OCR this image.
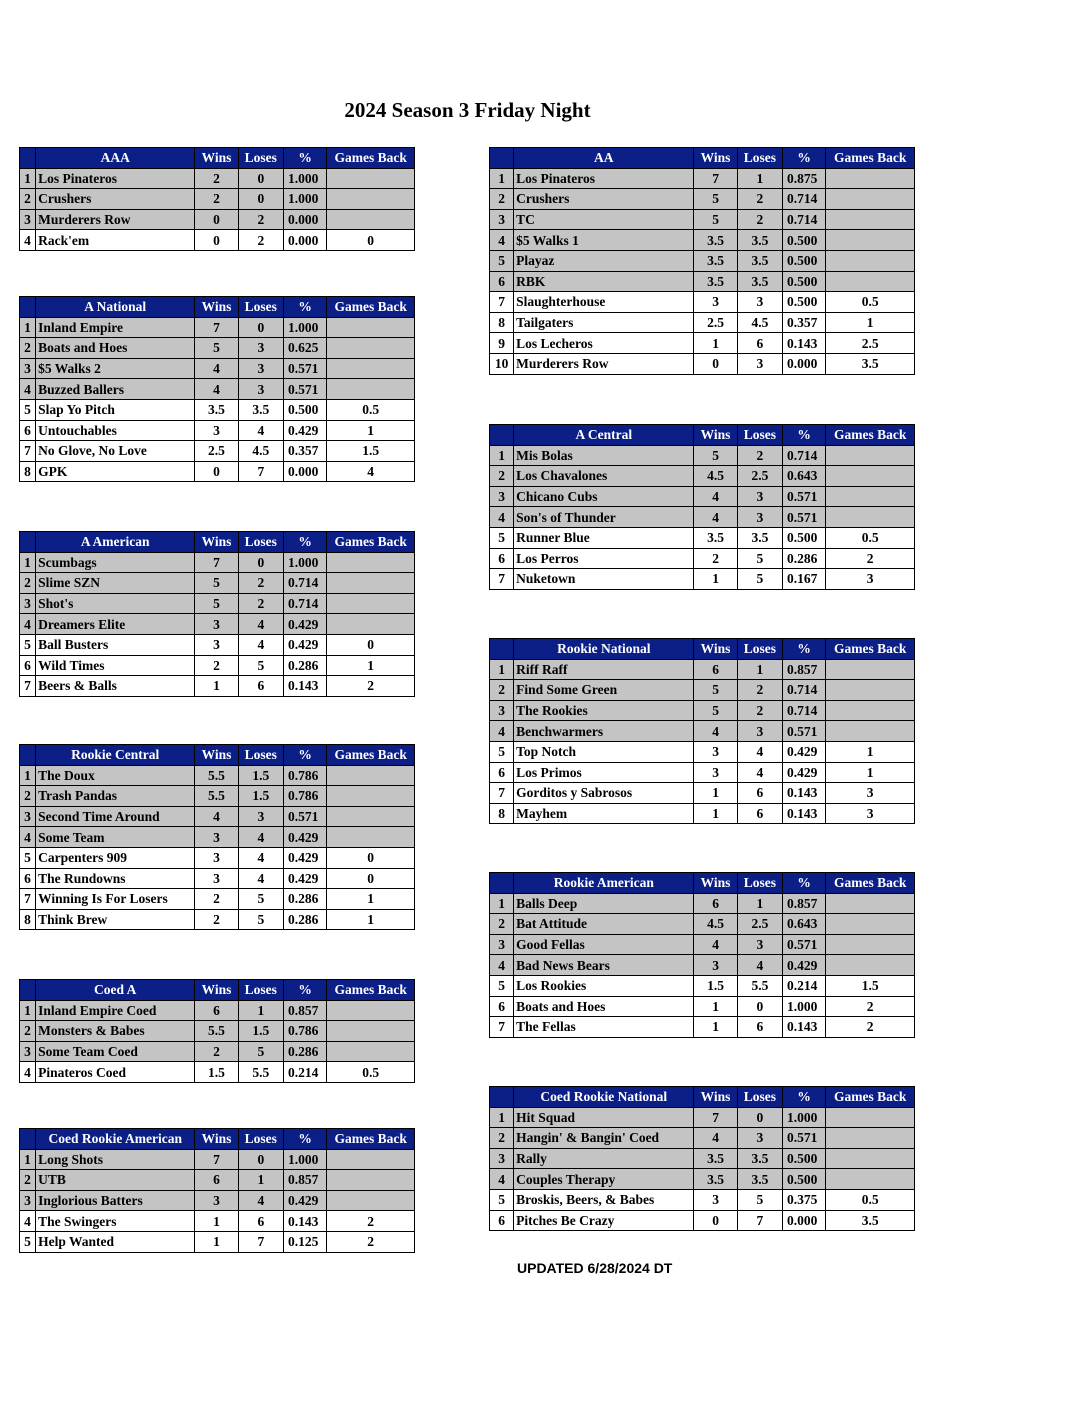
2024 Season 3 Friday Night
	AAA	Wins	Loses	%	Games Back
1	Los Pinateros	2	0	1.000	
2	Crushers	2	0	1.000	
3	Murderers Row	0	2	0.000	
4	Rack'em	0	2	0.000	0
	A National	Wins	Loses	%	Games Back
1	Inland Empire	7	0	1.000	
2	Boats and Hoes	5	3	0.625	
3	$5 Walks 2	4	3	0.571	
4	Buzzed Ballers	4	3	0.571	
5	Slap Yo Pitch	3.5	3.5	0.500	0.5
6	Untouchables	3	4	0.429	1
7	No Glove, No Love	2.5	4.5	0.357	1.5
8	GPK	0	7	0.000	4
	A American	Wins	Loses	%	Games Back
1	Scumbags	7	0	1.000	
2	Slime SZN	5	2	0.714	
3	Shot's	5	2	0.714	
4	Dreamers Elite	3	4	0.429	
5	Ball Busters	3	4	0.429	0
6	Wild Times	2	5	0.286	1
7	Beers & Balls	1	6	0.143	2
	Rookie Central	Wins	Loses	%	Games Back
1	The Doux	5.5	1.5	0.786	
2	Trash Pandas	5.5	1.5	0.786	
3	Second Time Around	4	3	0.571	
4	Some Team	3	4	0.429	
5	Carpenters 909	3	4	0.429	0
6	The Rundowns	3	4	0.429	0
7	Winning Is For Losers	2	5	0.286	1
8	Think Brew	2	5	0.286	1
	Coed A	Wins	Loses	%	Games Back
1	Inland Empire Coed	6	1	0.857	
2	Monsters & Babes	5.5	1.5	0.786	
3	Some Team Coed	2	5	0.286	
4	Pinateros Coed	1.5	5.5	0.214	0.5
	Coed Rookie American	Wins	Loses	%	Games Back
1	Long Shots	7	0	1.000	
2	UTB	6	1	0.857	
3	Inglorious Batters	3	4	0.429	
4	The Swingers	1	6	0.143	2
5	Help Wanted	1	7	0.125	2
	AA	Wins	Loses	%	Games Back
1	Los Pinateros	7	1	0.875	
2	Crushers	5	2	0.714	
3	TC	5	2	0.714	
4	$5 Walks 1	3.5	3.5	0.500	
5	Playaz	3.5	3.5	0.500	
6	RBK	3.5	3.5	0.500	
7	Slaughterhouse	3	3	0.500	0.5
8	Tailgaters	2.5	4.5	0.357	1
9	Los Lecheros	1	6	0.143	2.5
10	Murderers Row	0	3	0.000	3.5
	A Central	Wins	Loses	%	Games Back
1	Mis Bolas	5	2	0.714	
2	Los Chavalones	4.5	2.5	0.643	
3	Chicano Cubs	4	3	0.571	
4	Son's of Thunder	4	3	0.571	
5	Runner Blue	3.5	3.5	0.500	0.5
6	Los Perros	2	5	0.286	2
7	Nuketown	1	5	0.167	3
	Rookie National	Wins	Loses	%	Games Back
1	Riff Raff	6	1	0.857	
2	Find Some Green	5	2	0.714	
3	The Rookies	5	2	0.714	
4	Benchwarmers	4	3	0.571	
5	Top Notch	3	4	0.429	1
6	Los Primos	3	4	0.429	1
7	Gorditos y Sabrosos	1	6	0.143	3
8	Mayhem	1	6	0.143	3
	Rookie American	Wins	Loses	%	Games Back
1	Balls Deep	6	1	0.857	
2	Bat Attitude	4.5	2.5	0.643	
3	Good Fellas	4	3	0.571	
4	Bad News Bears	3	4	0.429	
5	Los Rookies	1.5	5.5	0.214	1.5
6	Boats and Hoes	1	0	1.000	2
7	The Fellas	1	6	0.143	2
	Coed Rookie National	Wins	Loses	%	Games Back
1	Hit Squad	7	0	1.000	
2	Hangin' & Bangin' Coed	4	3	0.571	
3	Rally	3.5	3.5	0.500	
4	Couples Therapy	3.5	3.5	0.500	
5	Broskis, Beers, & Babes	3	5	0.375	0.5
6	Pitches Be Crazy	0	7	0.000	3.5
UPDATED 6/28/2024 DT
